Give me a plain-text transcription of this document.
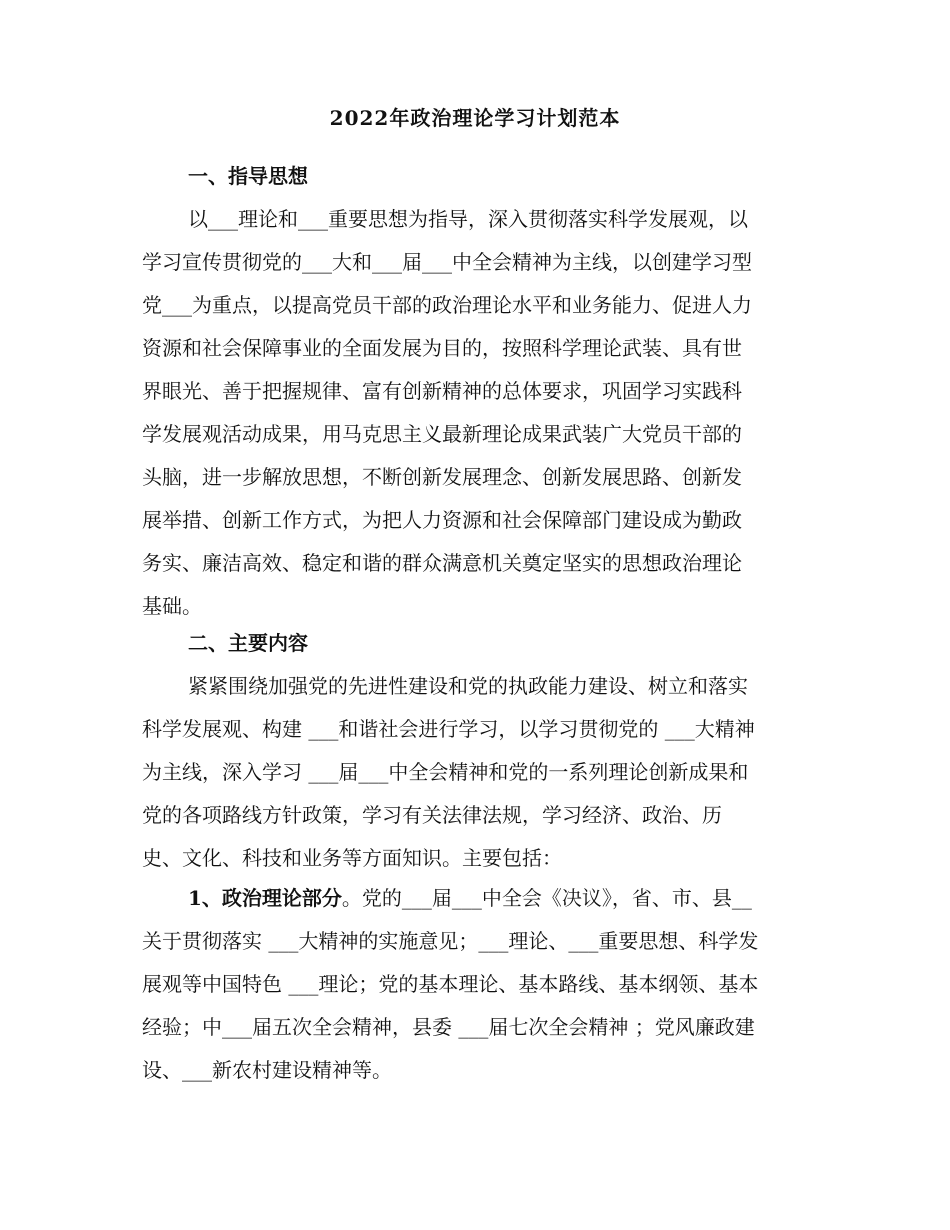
2022年政治理论学习计划范本
一、指导思想
以___理论和___重要思想为指导，深入贯彻落实科学发展观，以
学习宣传贯彻党的___大和___届___中全会精神为主线，以创建学习型
党___为重点，以提高党员干部的政治理论水平和业务能力、促进人力
资源和社会保障事业的全面发展为目的，按照科学理论武装、具有世
界眼光、善于把握规律、富有创新精神的总体要求，巩固学习实践科
学发展观活动成果，用马克思主义最新理论成果武装广大党员干部的
头脑，进一步解放思想，不断创新发展理念、创新发展思路、创新发
展举措、创新工作方式，为把人力资源和社会保障部门建设成为勤政
务实、廉洁高效、稳定和谐的群众满意机关奠定坚实的思想政治理论
基础。
二、主要内容
紧紧围绕加强党的先进性建设和党的执政能力建设、树立和落实
科学发展观、构建 ___和谐社会进行学习，以学习贯彻党的 ___大精神
为主线，深入学习 ___届___中全会精神和党的一系列理论创新成果和
党的各项路线方针政策，学习有关法律法规，学习经济、政治、历
史、文化、科技和业务等方面知识。主要包括：
1、政治理论部分。党的___届___中全会《决议》，省、市、县__
关于贯彻落实 ___大精神的实施意见；___理论、___重要思想、科学发
展观等中国特色 ___理论；党的基本理论、基本路线、基本纲领、基本
经验；中___届五次全会精神，县委 ___届七次全会精神 ；党风廉政建
设、___新农村建设精神等。
